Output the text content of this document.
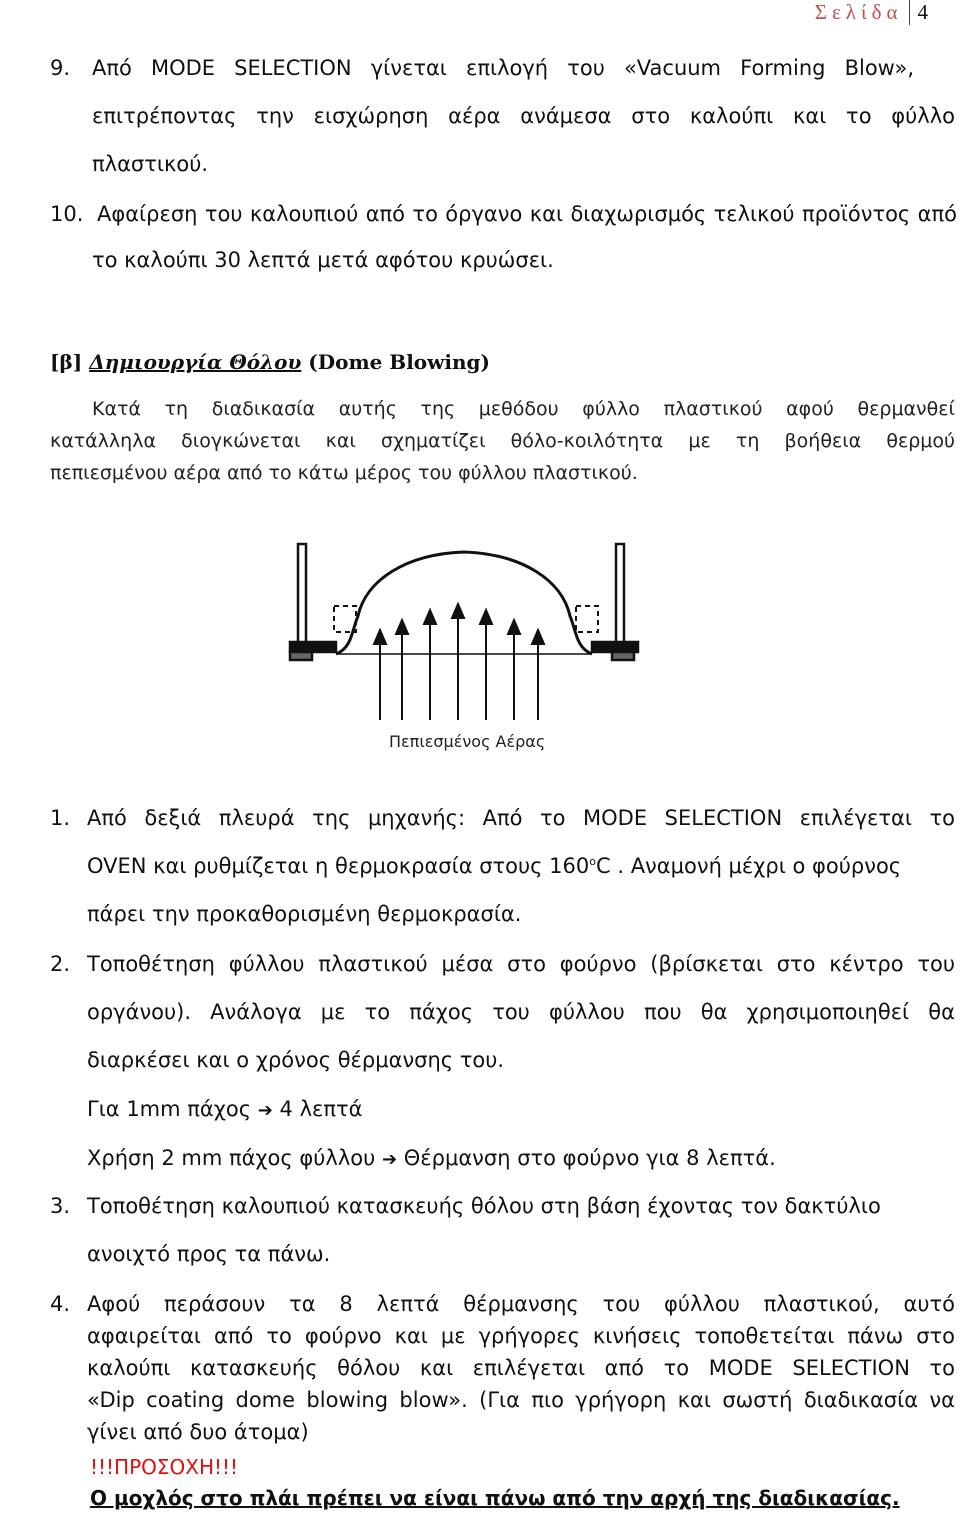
Σελίδα 4
9. Από MODE SELECTION γίνεται επιλογή του «Vacuum Forming Blow»,
επιτρέποντας την εισχώρηση αέρα ανάμεσα στο καλούπι και το φύλλο
πλαστικού.
10. Αφαίρεση του καλουπιού από το όργανο και διαχωρισμός τελικού προϊόντος από
το καλούπι 30 λεπτά μετά αφότου κρυώσει.
[β] Δημιουργία Θόλου (Dome Blowing)
Κατά τη διαδικασία αυτής της μεθόδου φύλλο πλαστικού αφού θερμανθεί
κατάλληλα διογκώνεται και σχηματίζει θόλο-κοιλότητα με τη βοήθεια θερμού
πεπιεσμένου αέρα από το κάτω μέρος του φύλλου πλαστικού.
Πεπιεσμένος Αέρας
1. Από δεξιά πλευρά της μηχανής: Από το MODE SELECTION επιλέγεται το
OVEN και ρυθμίζεται η θερμοκρασία στους 160$^o$C . Αναμονή μέχρι ο φούρνος
πάρει την προκαθορισμένη θερμοκρασία.
2. Τοποθέτηση φύλλου πλαστικού μέσα στο φούρνο (βρίσκεται στο κέντρο του
οργάνου). Ανάλογα με το πάχος του φύλλου που θα χρησιμοποιηθεί θα
διαρκέσει και ο χρόνος θέρμανσης του.
Για 1mm πάχος ➔ 4 λεπτά
Χρήση 2 mm πάχος φύλλου ➔ Θέρμανση στο φούρνο για 8 λεπτά.
3. Τοποθέτηση καλουπιού κατασκευής θόλου στη βάση έχοντας τον δακτύλιο
ανοιχτό προς τα πάνω.
4. Αφού περάσουν τα 8 λεπτά θέρμανσης του φύλλου πλαστικού, αυτό
αφαιρείται από το φούρνο και με γρήγορες κινήσεις τοποθετείται πάνω στο
καλούπι κατασκευής θόλου και επιλέγεται από το MODE SELECTION το
«Dip coating dome blowing blow». (Για πιο γρήγορη και σωστή διαδικασία να
γίνει από δυο άτομα)
!!!ΠΡΟΣΟΧΗ!!!
Ο μοχλός στο πλάι πρέπει να είναι πάνω από την αρχή της διαδικασίας.
